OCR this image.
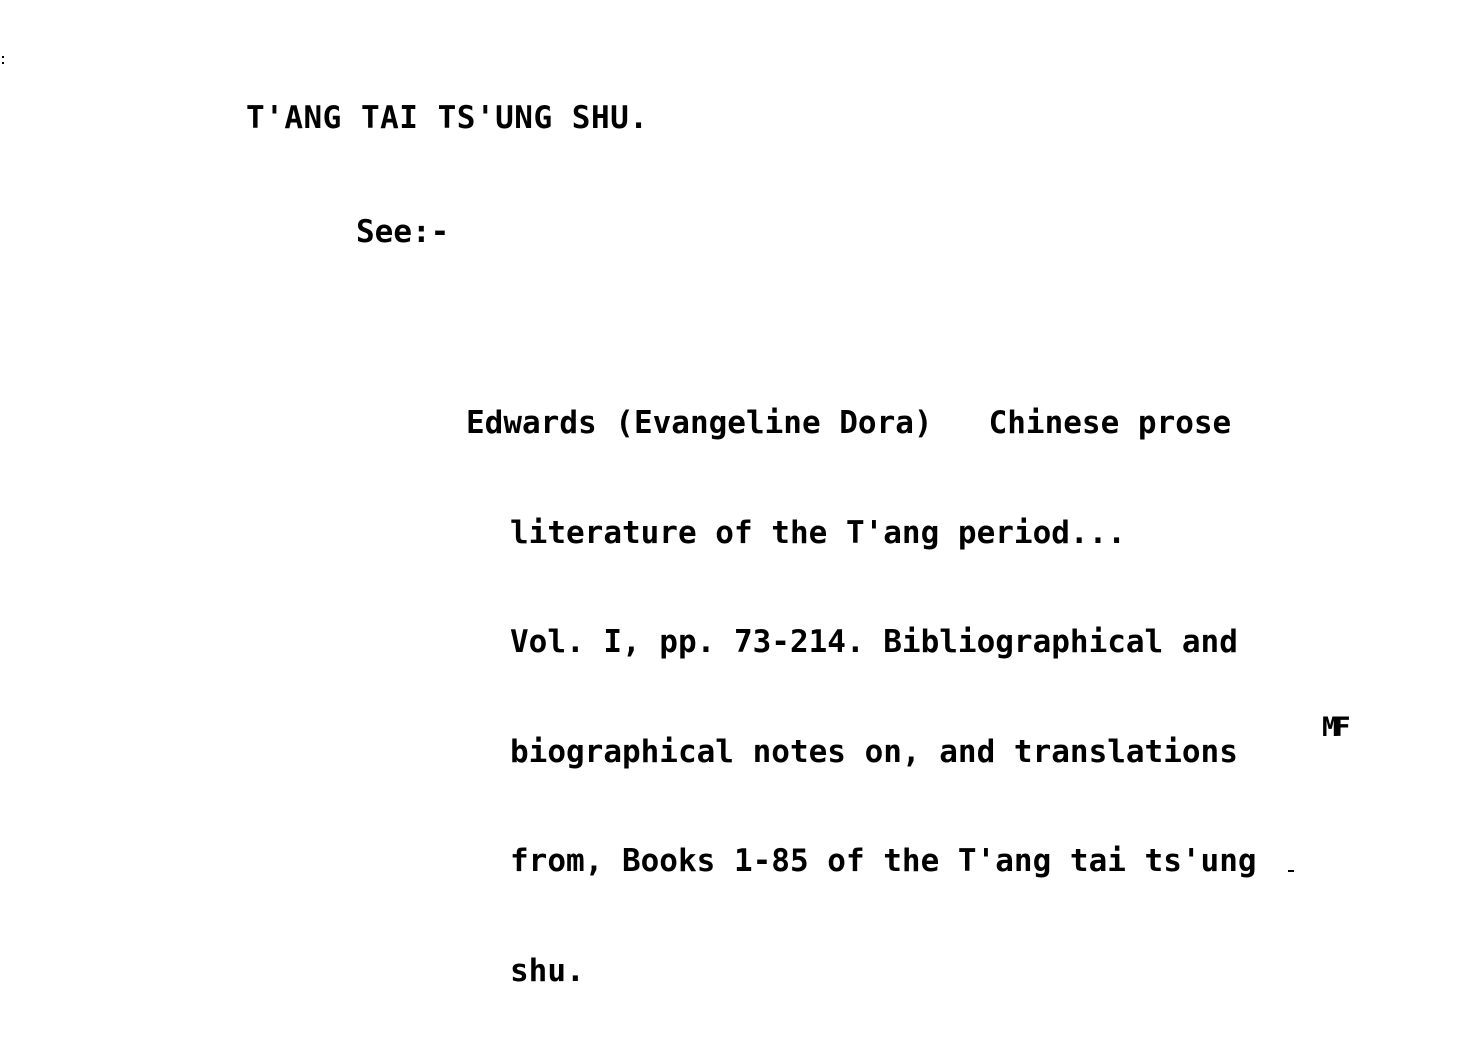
T'ANG TAI TS'UNG SHU.
See:-

Edwards (Evangeline Dora) Chinese prose

literature of the T'ang period...

Vol. I, pp. 73-214. Bibliographical and

biographical notes on, and translations

from, Books 1-85 of the T'ang tai ts'ung

shu.

MF
